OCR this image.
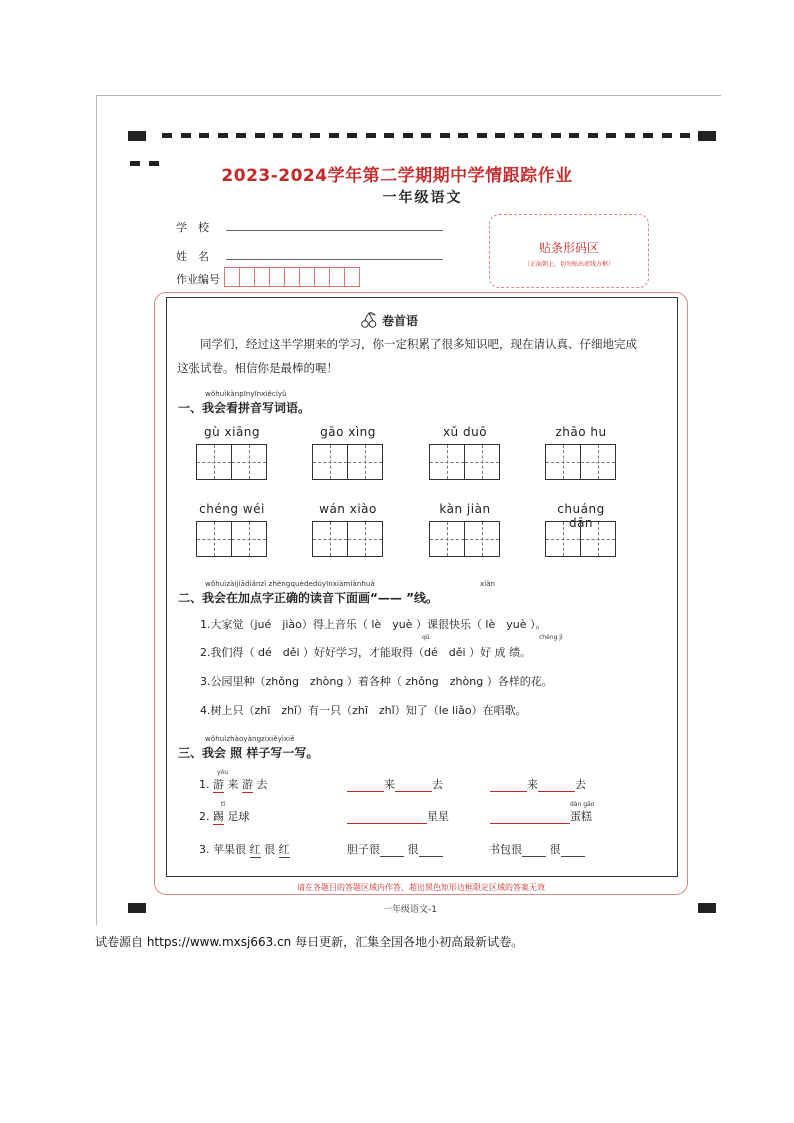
2023-2024学年第二学期期中学情跟踪作业
一年级语文
学　校
姓　名
作业编号
贴条形码区
（正面朝上，切勿贴出虚线方框）
卷首语
同学们，经过这半学期来的学习，你一定积累了很多知识吧，现在请认真、仔细地完成
这张试卷。相信你是最棒的喔！
wǒhuìkànpīnyīnxiěcíyǔ
一、我会看拼音写词语。
gù xiāng	gāo xìng	xǔ duō	zhāo hu
chéng wéi	wán xiào	kàn jiàn	chuáng dān
wǒhuìzàijiādiǎnzì zhèngquèdedúyīnxiàmiànhuà	xiàn
二、我会在加点字正确的读音下面画“—— ”线。
1.大家觉（jué　jiào）得上音乐（ lè　yuè ）课很快乐（ lè　yuè ）。
qǔ	chéng jì
2.我们得（ dé　děi ）好好学习，才能取得（dé　děi ）好 成 绩。
3.公园里种（zhǒng　zhòng ）着各种（ zhǒng　zhòng ）各样的花。
4.树上只（zhī　zhǐ）有一只（zhī　zhǐ）知了（le liǎo）在唱歌。
wǒhuìzhàoyàngzixiěyìxiě
三、我会 照 样子写一写。
yóu
1. 游 来 游 去	来	去	来	去
tī	dàn gāo
2. 踢 足球	星星	蛋糕
3. 苹果很 红 很 红	胆子很	很	书包很	很
请在各题目的答题区域内作答，超出黑色矩形边框限定区域的答案无效
一年级语文-1
试卷源自 https://www.mxsj663.cn 每日更新，汇集全国各地小初高最新试卷。
